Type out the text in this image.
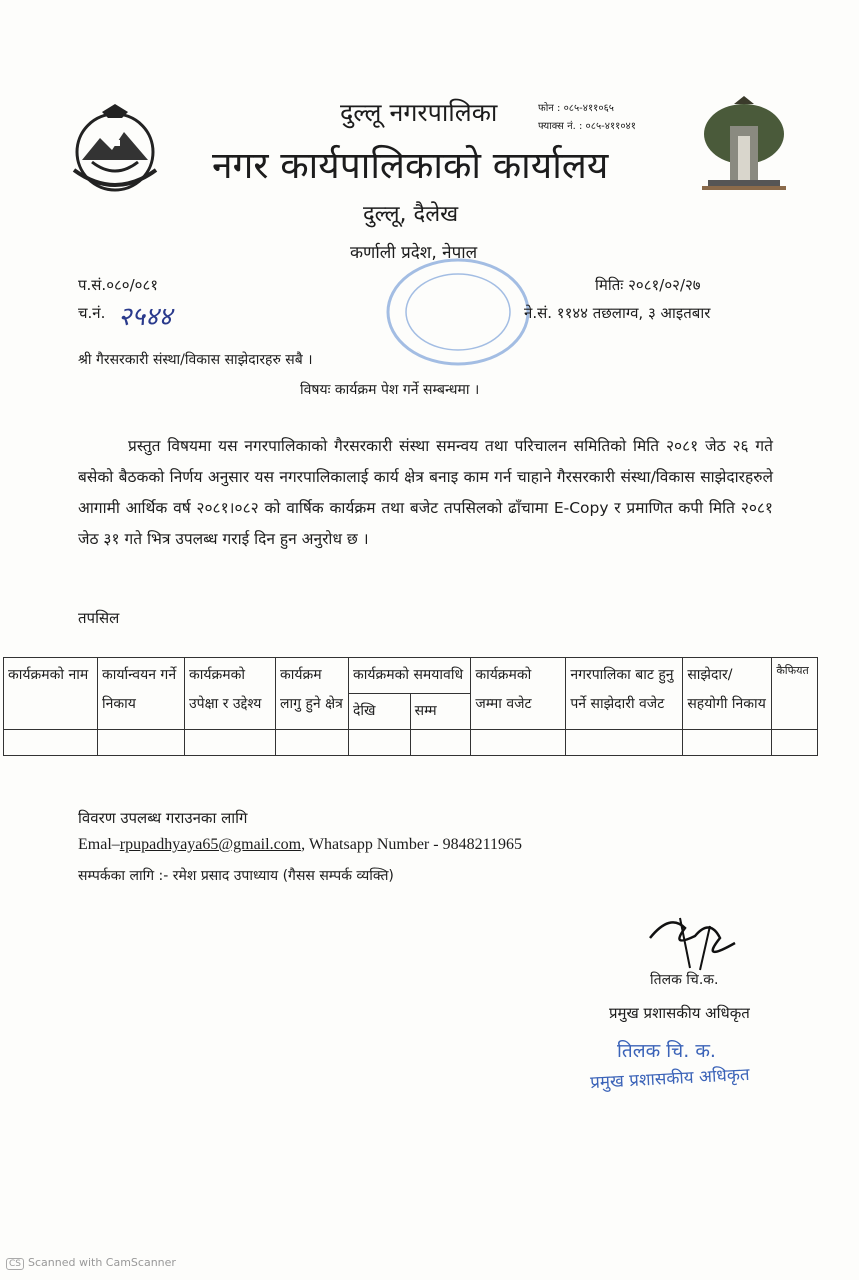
दुल्लू नगरपालिका
नगर कार्यपालिकाको कार्यालय
दुल्लू, दैलेख
कर्णाली प्रदेश, नेपाल
फोन : ०८५-४११०६५
फ्याक्स नं. : ०८५-४११०४१
प.सं.०८०/०८१
च.नं. २५४४
मितिः २०८१/०२/२७
ने.सं. ११४४ तछलाग्व, ३ आइतबार
श्री गैरसरकारी संस्था/विकास साझेदारहरु सबै ।
विषयः कार्यक्रम पेश गर्ने सम्बन्धमा ।
प्रस्तुत विषयमा यस नगरपालिकाको गैरसरकारी संस्था समन्वय तथा परिचालन समितिको मिति २०८१ जेठ २६ गते बसेको बैठकको निर्णय अनुसार यस नगरपालिकालाई कार्य क्षेत्र बनाइ काम गर्न चाहाने गैरसरकारी संस्था/विकास साझेदारहरुले आगामी आर्थिक वर्ष २०८१।०८२ को वार्षिक कार्यक्रम तथा बजेट तपसिलको ढाँचामा E-Copy र प्रमाणित कपी मिति २०८१ जेठ ३१ गते भित्र उपलब्ध गराई दिन हुन अनुरोध छ ।
तपसिल
कार्यक्रमको नाम	कार्यान्वयन गर्ने निकाय	कार्यक्रमको उपेक्षा र उद्देश्य	कार्यक्रम लागु हुने क्षेत्र	कार्यक्रमको समयावधि		कार्यक्रमको जम्मा वजेट	नगरपालिका बाट हुनु पर्ने साझेदारी वजेट	साझेदार/ सहयोगी निकाय	कैफियत
				देखि	सम्म				

विवरण उपलब्ध गराउनका लागि
Emal–rpupadhyaya65@gmail.com, Whatsapp Number - 9848211965
सम्पर्कका लागि :- रमेश प्रसाद उपाध्याय (गैसस सम्पर्क व्यक्ति)
तिलक चि.क.
प्रमुख प्रशासकीय अधिकृत
तिलक चि. क.
प्रमुख प्रशासकीय अधिकृत
CS Scanned with CamScanner
